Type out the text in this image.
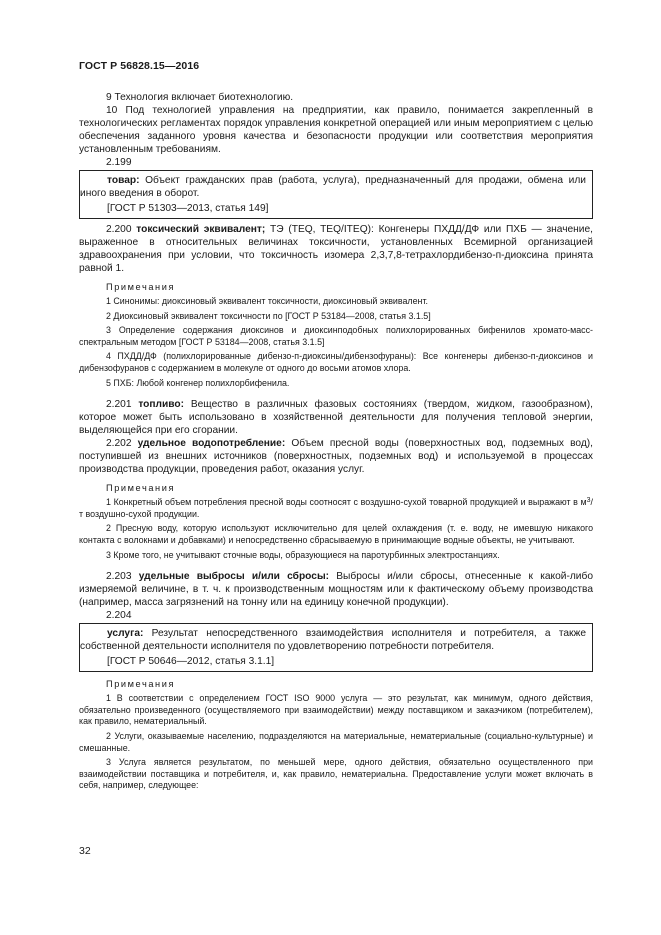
ГОСТ Р 56828.15—2016

9 Технология включает биотехнологию.

10 Под технологией управления на предприятии, как правило, понимается закрепленный в технологических регламентах порядок управления конкретной операцией или иным мероприятием с целью обеспечения заданного уровня качества и безопасности продукции или соответствия мероприятия установленным требованиям.

2.199

товар: Объект гражданских прав (работа, услуга), предназначенный для продажи, обмена или иного введения в оборот.

[ГОСТ Р 51303—2013, статья 149]

2.200 токсический эквивалент; ТЭ (TEQ, TEQ/ITEQ): Конгенеры ПХДД/ДФ или ПХБ — значение, выраженное в относительных величинах токсичности, установленных Всемирной организацией здравоохранения при условии, что токсичность изомера 2,3,7,8-тетрахлордибензо-п-диоксина принята равной 1.

Примечания

1 Синонимы: диоксиновый эквивалент токсичности, диоксиновый эквивалент.

2 Диоксиновый эквивалент токсичности по [ГОСТ Р 53184—2008, статья 3.1.5]

3 Определение содержания диоксинов и диоксинподобных полихлорированных бифенилов хромато-масс-спектральным методом [ГОСТ Р 53184—2008, статья 3.1.5]

4 ПХДД/ДФ (полихлорированные дибензо-п-диоксины/дибензофураны): Все конгенеры дибензо-п-диоксинов и дибензофуранов с содержанием в молекуле от одного до восьми атомов хлора.

5 ПХБ: Любой конгенер полихлорбифенила.

2.201 топливо: Вещество в различных фазовых состояниях (твердом, жидком, газообразном), которое может быть использовано в хозяйственной деятельности для получения тепловой энергии, выделяющейся при его сгорании.

2.202 удельное водопотребление: Объем пресной воды (поверхностных вод, подземных вод), поступившей из внешних источников (поверхностных, подземных вод) и используемой в процессах производства продукции, проведения работ, оказания услуг.

Примечания

1 Конкретный объем потребления пресной воды соотносят с воздушно-сухой товарной продукцией и выражают в $м^3/т$ воздушно-сухой продукции.

2 Пресную воду, которую используют исключительно для целей охлаждения (т. е. воду, не имевшую никакого контакта с волокнами и добавками) и непосредственно сбрасываемую в принимающие водные объекты, не учитывают.

3 Кроме того, не учитывают сточные воды, образующиеся на паротурбинных электростанциях.

2.203 удельные выбросы и/или сбросы: Выбросы и/или сбросы, отнесенные к какой-либо измеряемой величине, в т. ч. к производственным мощностям или к фактическому объему производства (например, масса загрязнений на тонну или на единицу конечной продукции).

2.204

услуга: Результат непосредственного взаимодействия исполнителя и потребителя, а также собственной деятельности исполнителя по удовлетворению потребности потребителя.

[ГОСТ Р 50646—2012, статья 3.1.1]

Примечания

1 В соответствии с определением ГОСТ ISO 9000 услуга — это результат, как минимум, одного действия, обязательно произведенного (осуществляемого при взаимодействии) между поставщиком и заказчиком (потребителем), как правило, нематериальный.

2 Услуги, оказываемые населению, подразделяются на материальные, нематериальные (социально-культурные) и смешанные.

3 Услуга является результатом, по меньшей мере, одного действия, обязательно осуществленного при взаимодействии поставщика и потребителя, и, как правило, нематериальна. Предоставление услуги может включать в себя, например, следующее:

32
